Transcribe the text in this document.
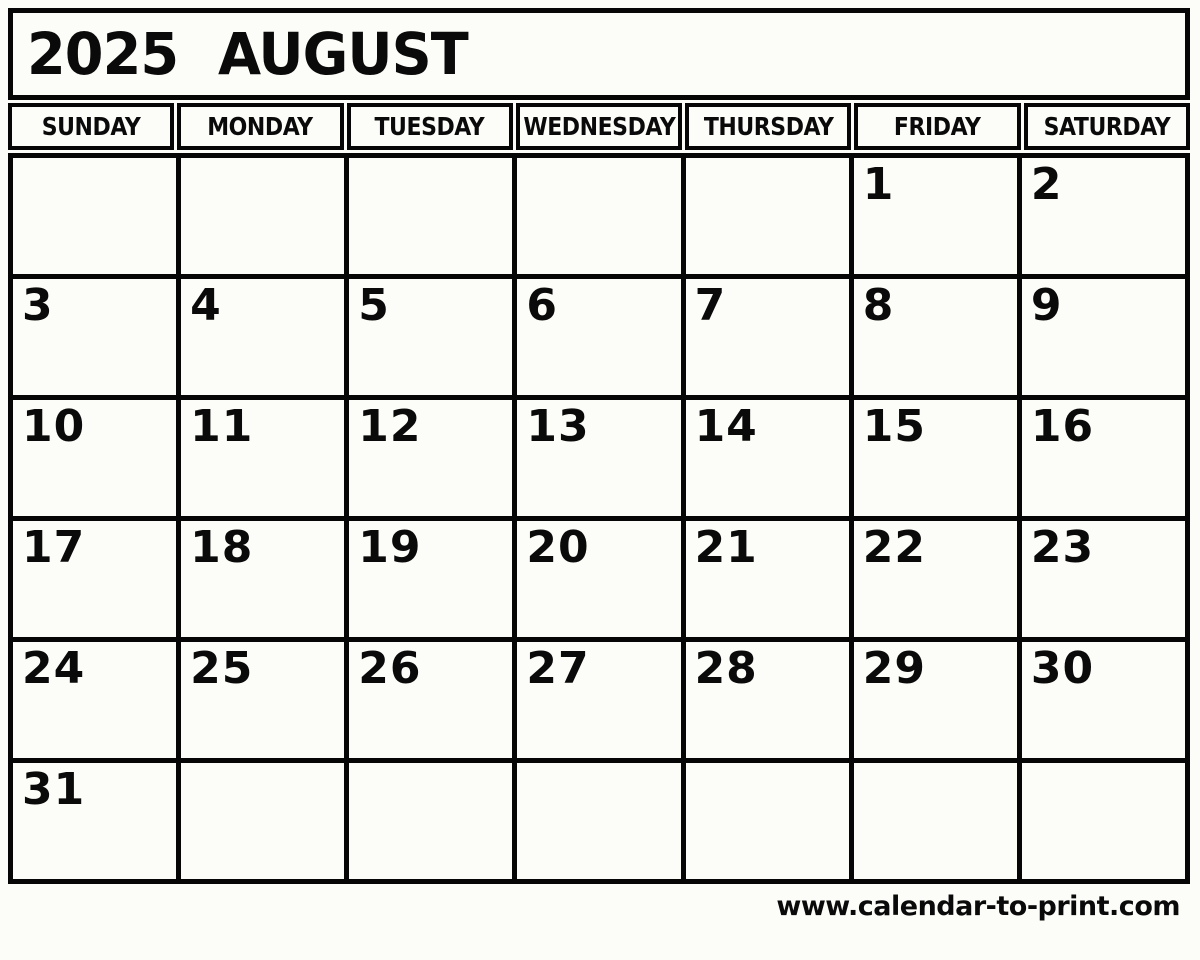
2025 AUGUST
SUNDAY	MONDAY TUESDAY WEDNESDAY THURSDAY FRIDAY	SATURDAY
					1	2
3	4	5	6	7	8	9
10	11	12	13	14	15	16
17	18	19	20	21	22	23
24	25	26	27	28	29	30
31						
www.calendar-to-print.com
